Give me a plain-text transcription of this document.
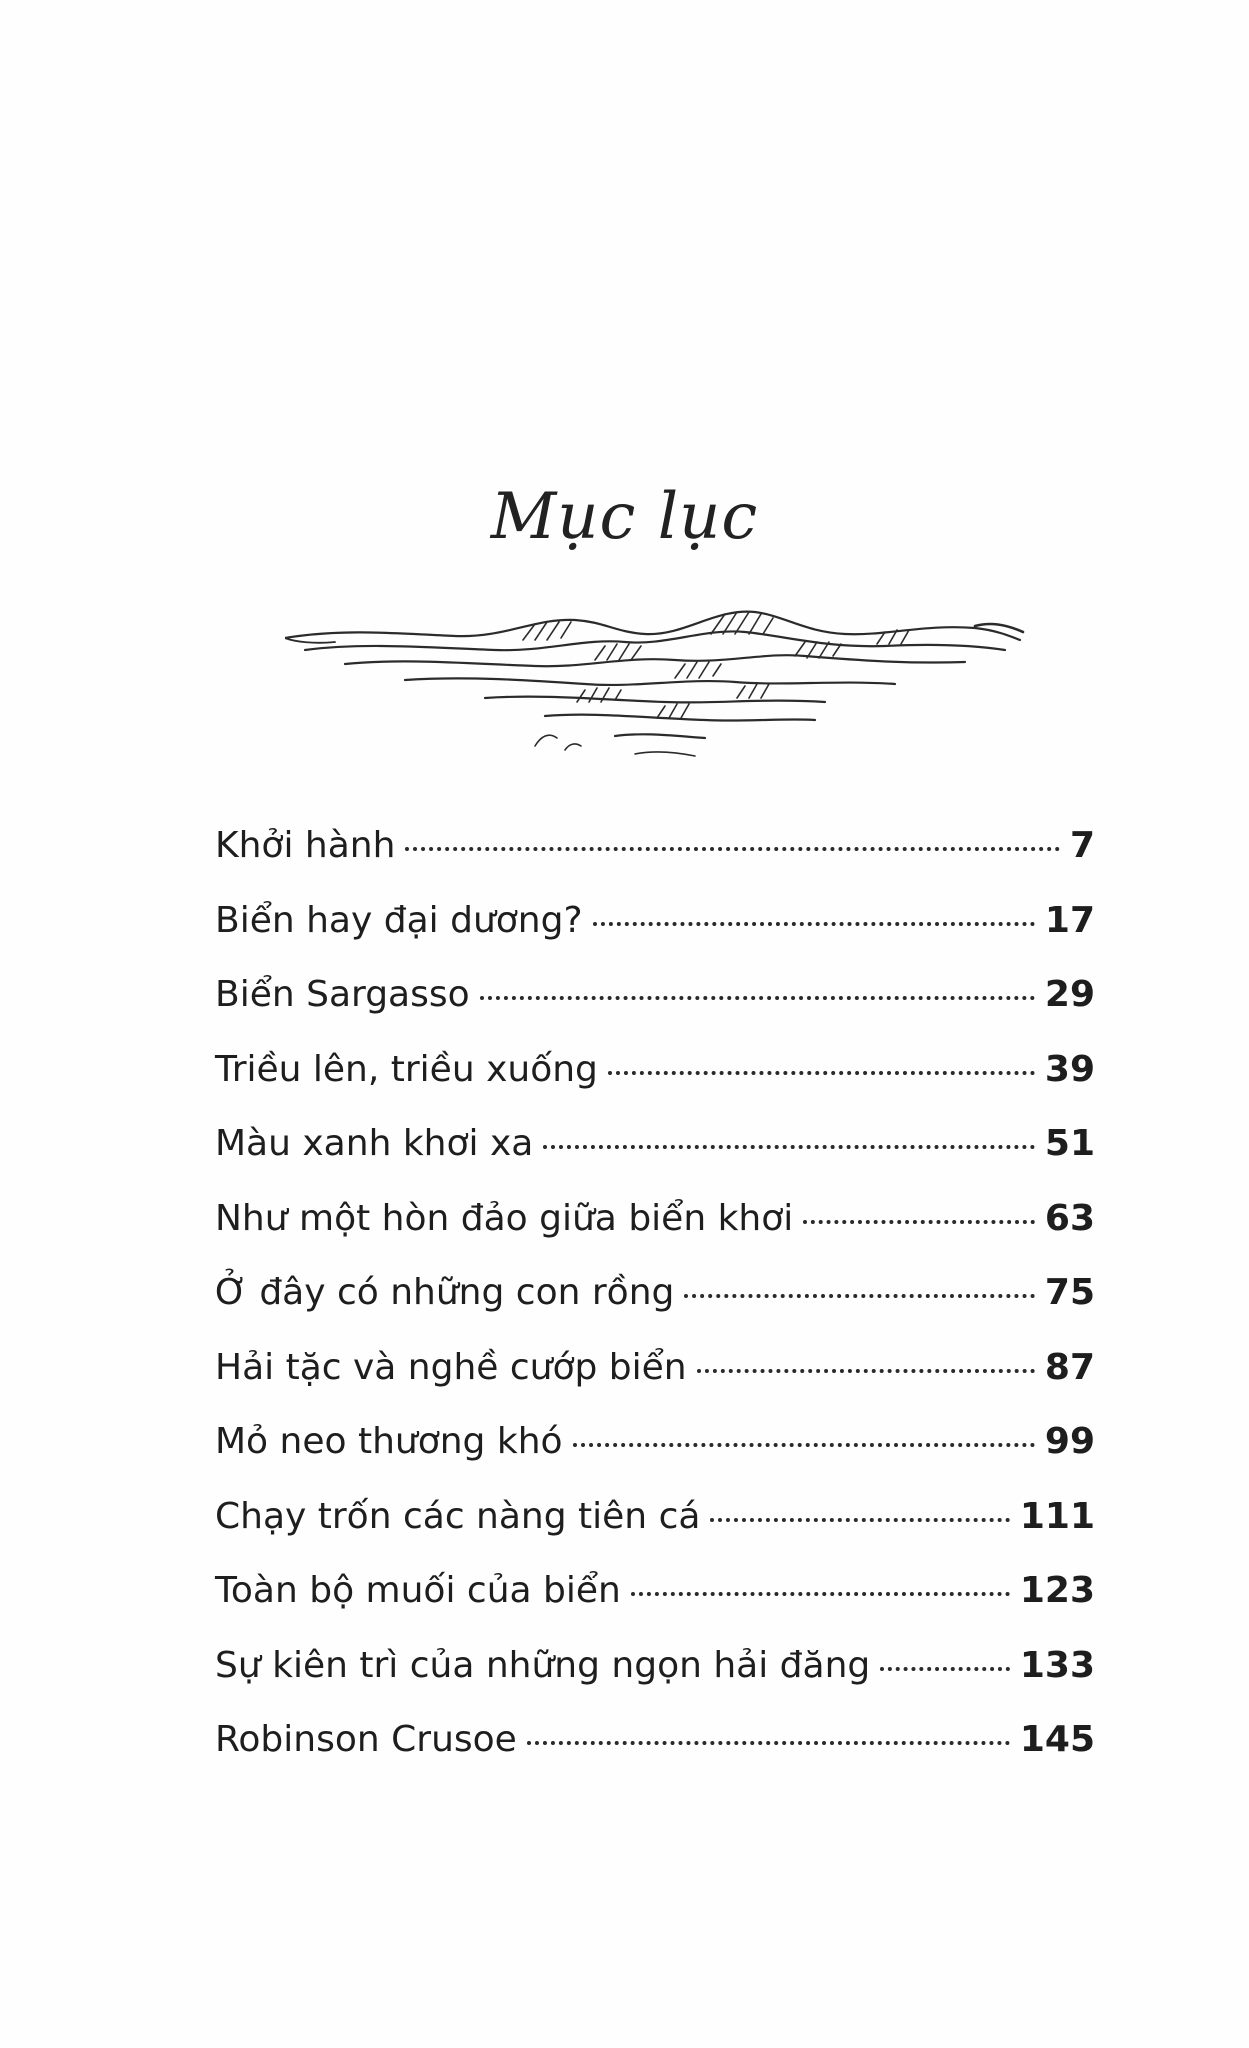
Mục lục
Khởi hành	7
Biển hay đại dương?	17
Biển Sargasso	29
Triều lên, triều xuống	39
Màu xanh khơi xa	51
Như một hòn đảo giữa biển khơi	63
Ở đây có những con rồng	75
Hải tặc và nghề cướp biển	87
Mỏ neo thương khó	99
Chạy trốn các nàng tiên cá	111
Toàn bộ muối của biển	123
Sự kiên trì của những ngọn hải đăng	133
Robinson Crusoe	145
